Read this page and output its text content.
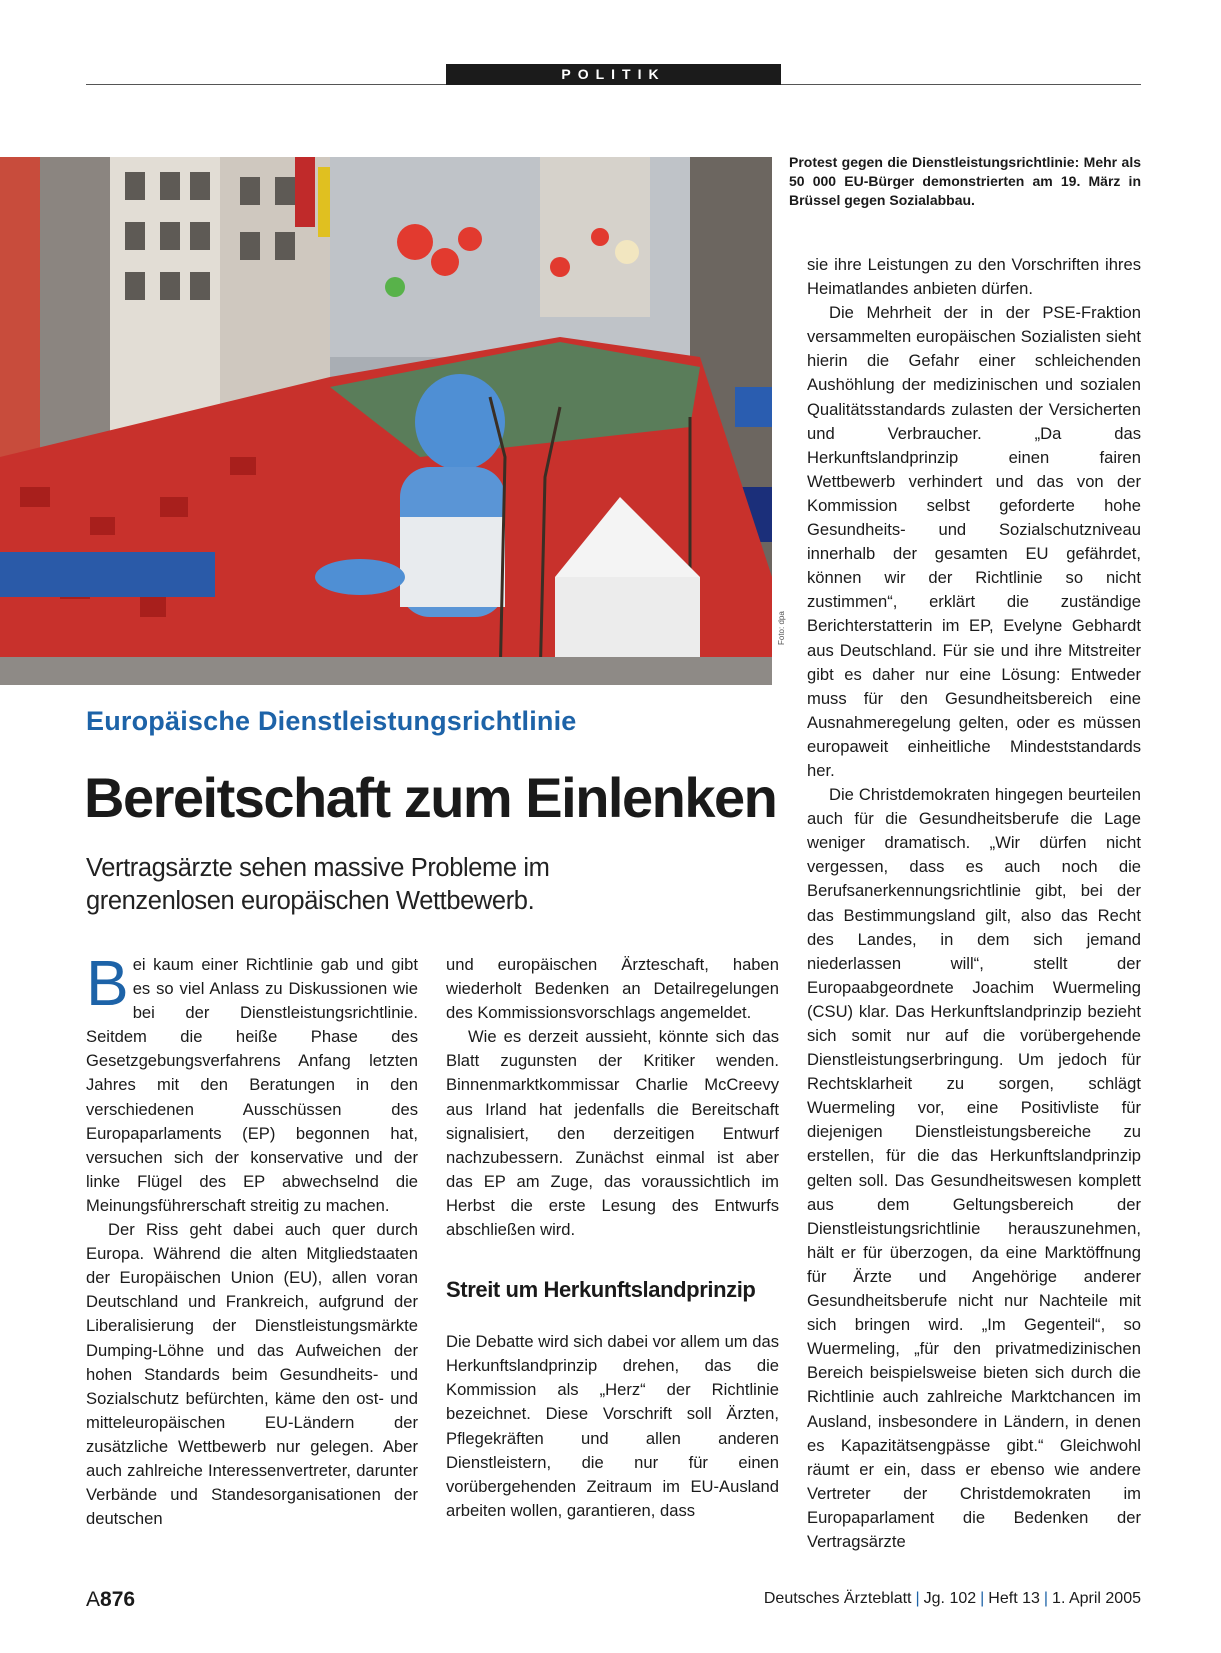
POLITIK
Foto: dpa
Protest gegen die Dienstleistungsrichtlinie: Mehr als 50 000 EU-Bürger demonstrierten am 19. März in Brüssel gegen Sozialabbau.
Europäische Dienstleistungsrichtlinie
Bereitschaft zum Einlenken
Vertragsärzte sehen massive Probleme im grenzenlosen europäischen Wettbewerb.

Bei kaum einer Richtlinie gab und gibt es so viel Anlass zu Diskussionen wie bei der Dienstleistungsrichtlinie. Seitdem die heiße Phase des Gesetzgebungsverfahrens Anfang letzten Jahres mit den Beratungen in den verschiedenen Ausschüssen des Europaparlaments (EP) begonnen hat, versuchen sich der konservative und der linke Flügel des EP abwechselnd die Meinungsführerschaft streitig zu machen.

Der Riss geht dabei auch quer durch Europa. Während die alten Mitgliedstaaten der Europäischen Union (EU), allen voran Deutschland und Frankreich, aufgrund der Liberalisierung der Dienstleistungsmärkte Dumping-Löhne und das Aufweichen der hohen Standards beim Gesundheits- und Sozialschutz befürchten, käme den ost- und mitteleuropäischen EU-Ländern der zusätzliche Wettbewerb nur gelegen. Aber auch zahlreiche Interessenvertreter, darunter Verbände und Standesorganisationen der deutschen

und europäischen Ärzteschaft, haben wiederholt Bedenken an Detailregelungen des Kommissionsvorschlags angemeldet.

Wie es derzeit aussieht, könnte sich das Blatt zugunsten der Kritiker wenden. Binnenmarktkommissar Charlie McCreevy aus Irland hat jedenfalls die Bereitschaft signalisiert, den derzeitigen Entwurf nachzubessern. Zunächst einmal ist aber das EP am Zuge, das voraussichtlich im Herbst die erste Lesung des Entwurfs abschließen wird.

Streit um Herkunftslandprinzip

Die Debatte wird sich dabei vor allem um das Herkunftslandprinzip drehen, das die Kommission als „Herz“ der Richtlinie bezeichnet. Diese Vorschrift soll Ärzten, Pflegekräften und allen anderen Dienstleistern, die nur für einen vorübergehenden Zeitraum im EU-Ausland arbeiten wollen, garantieren, dass

sie ihre Leistungen zu den Vorschriften ihres Heimatlandes anbieten dürfen.

Die Mehrheit der in der PSE-Fraktion versammelten europäischen Sozialisten sieht hierin die Gefahr einer schleichenden Aushöhlung der medizinischen und sozialen Qualitätsstandards zulasten der Versicherten und Verbraucher. „Da das Herkunftslandprinzip einen fairen Wettbewerb verhindert und das von der Kommission selbst geforderte hohe Gesundheits- und Sozialschutzniveau innerhalb der gesamten EU gefährdet, können wir der Richtlinie so nicht zustimmen“, erklärt die zuständige Berichterstatterin im EP, Evelyne Gebhardt aus Deutschland. Für sie und ihre Mitstreiter gibt es daher nur eine Lösung: Entweder muss für den Gesundheitsbereich eine Ausnahmeregelung gelten, oder es müssen europaweit einheitliche Mindeststandards her.

Die Christdemokraten hingegen beurteilen auch für die Gesundheitsberufe die Lage weniger dramatisch. „Wir dürfen nicht vergessen, dass es auch noch die Berufsanerkennungsrichtlinie gibt, bei der das Bestimmungsland gilt, also das Recht des Landes, in dem sich jemand niederlassen will“, stellt der Europaabgeordnete Joachim Wuermeling (CSU) klar. Das Herkunftslandprinzip bezieht sich somit nur auf die vorübergehende Dienstleistungserbringung. Um jedoch für Rechtsklarheit zu sorgen, schlägt Wuermeling vor, eine Positivliste für diejenigen Dienstleistungsbereiche zu erstellen, für die das Herkunftslandprinzip gelten soll. Das Gesundheitswesen komplett aus dem Geltungsbereich der Dienstleistungsrichtlinie herauszunehmen, hält er für überzogen, da eine Marktöffnung für Ärzte und Angehörige anderer Gesundheitsberufe nicht nur Nachteile mit sich bringen wird. „Im Gegenteil“, so Wuermeling, „für den privatmedizinischen Bereich beispielsweise bieten sich durch die Richtlinie auch zahlreiche Marktchancen im Ausland, insbesondere in Ländern, in denen es Kapazitätsengpässe gibt.“ Gleichwohl räumt er ein, dass er ebenso wie andere Vertreter der Christdemokraten im Europaparlament die Bedenken der Vertragsärzte

A876	Deutsches Ärzteblatt | Jg. 102 | Heft 13 | 1. April 2005
